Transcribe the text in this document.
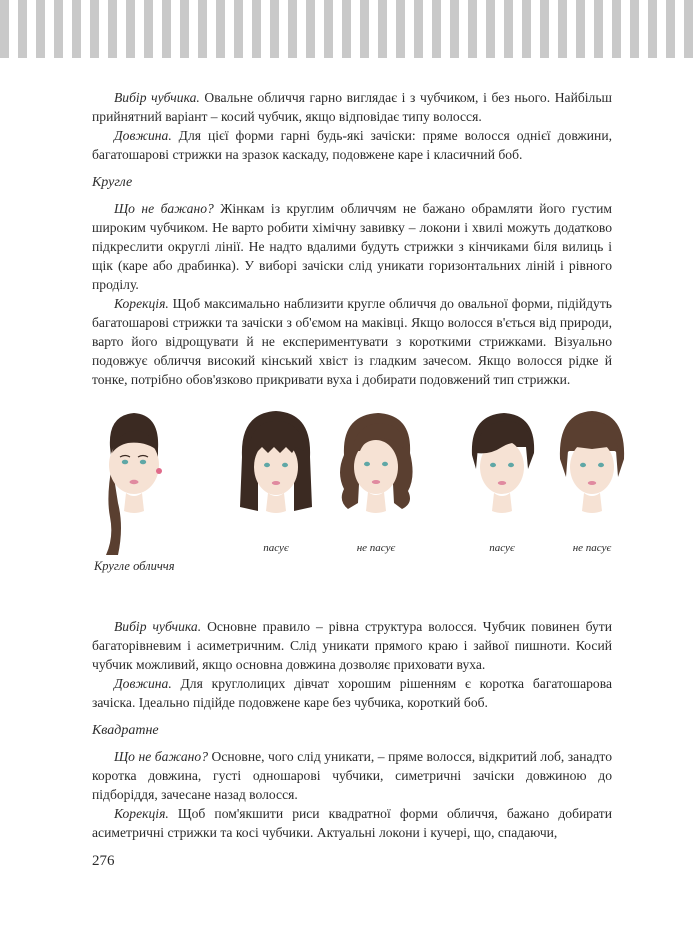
Вибір чубчика. Овальне обличчя гарно виглядає і з чубчиком, і без нього. Найбільш прийнятний варіант – косий чубчик, якщо відповідає типу волосся.

Довжина. Для цієї форми гарні будь-які зачіски: пряме волосся однієї довжини, багатошарові стрижки на зразок каскаду, подовжене каре і класичний боб.

Кругле

Що не бажано? Жінкам із круглим обличчям не бажано обрамляти його густим широким чубчиком. Не варто робити хімічну завивку – локони і хвилі можуть додатково підкреслити округлі лінії. Не надто вдалими будуть стрижки з кінчиками біля вилиць і щік (каре або драбинка). У виборі зачіски слід уникати горизонтальних ліній і рівного проділу.

Корекція. Щоб максимально наблизити кругле обличчя до овальної форми, підійдуть багатошарові стрижки та зачіски з об'ємом на маківці. Якщо волосся в'ється від природи, варто його відрощувати й не експериментувати з короткими стрижками. Візуально подовжує обличчя високий кінський хвіст із гладким зачесом. Якщо волосся рідке й тонке, потрібно обов'язково прикривати вуха і добирати подовжений тип стрижки.

Кругле обличчя
пасує	не пасує	пасує	не пасує

Вибір чубчика. Основне правило – рівна структура волосся. Чубчик повинен бути багаторівневим і асиметричним. Слід уникати прямого краю і зайвої пишноти. Косий чубчик можливий, якщо основна довжина дозволяє приховати вуха.

Довжина. Для круглолицих дівчат хорошим рішенням є коротка багатошарова зачіска. Ідеально підійде подовжене каре без чубчика, короткий боб.

Квадратне

Що не бажано? Основне, чого слід уникати, – пряме волосся, відкритий лоб, занадто коротка довжина, густі одношарові чубчики, симетричні зачіски довжиною до підборіддя, зачесане назад волосся.

Корекція. Щоб пом'якшити риси квадратної форми обличчя, бажано добирати асиметричні стрижки та косі чубчики. Актуальні локони і кучері, що, спадаючи,

276
